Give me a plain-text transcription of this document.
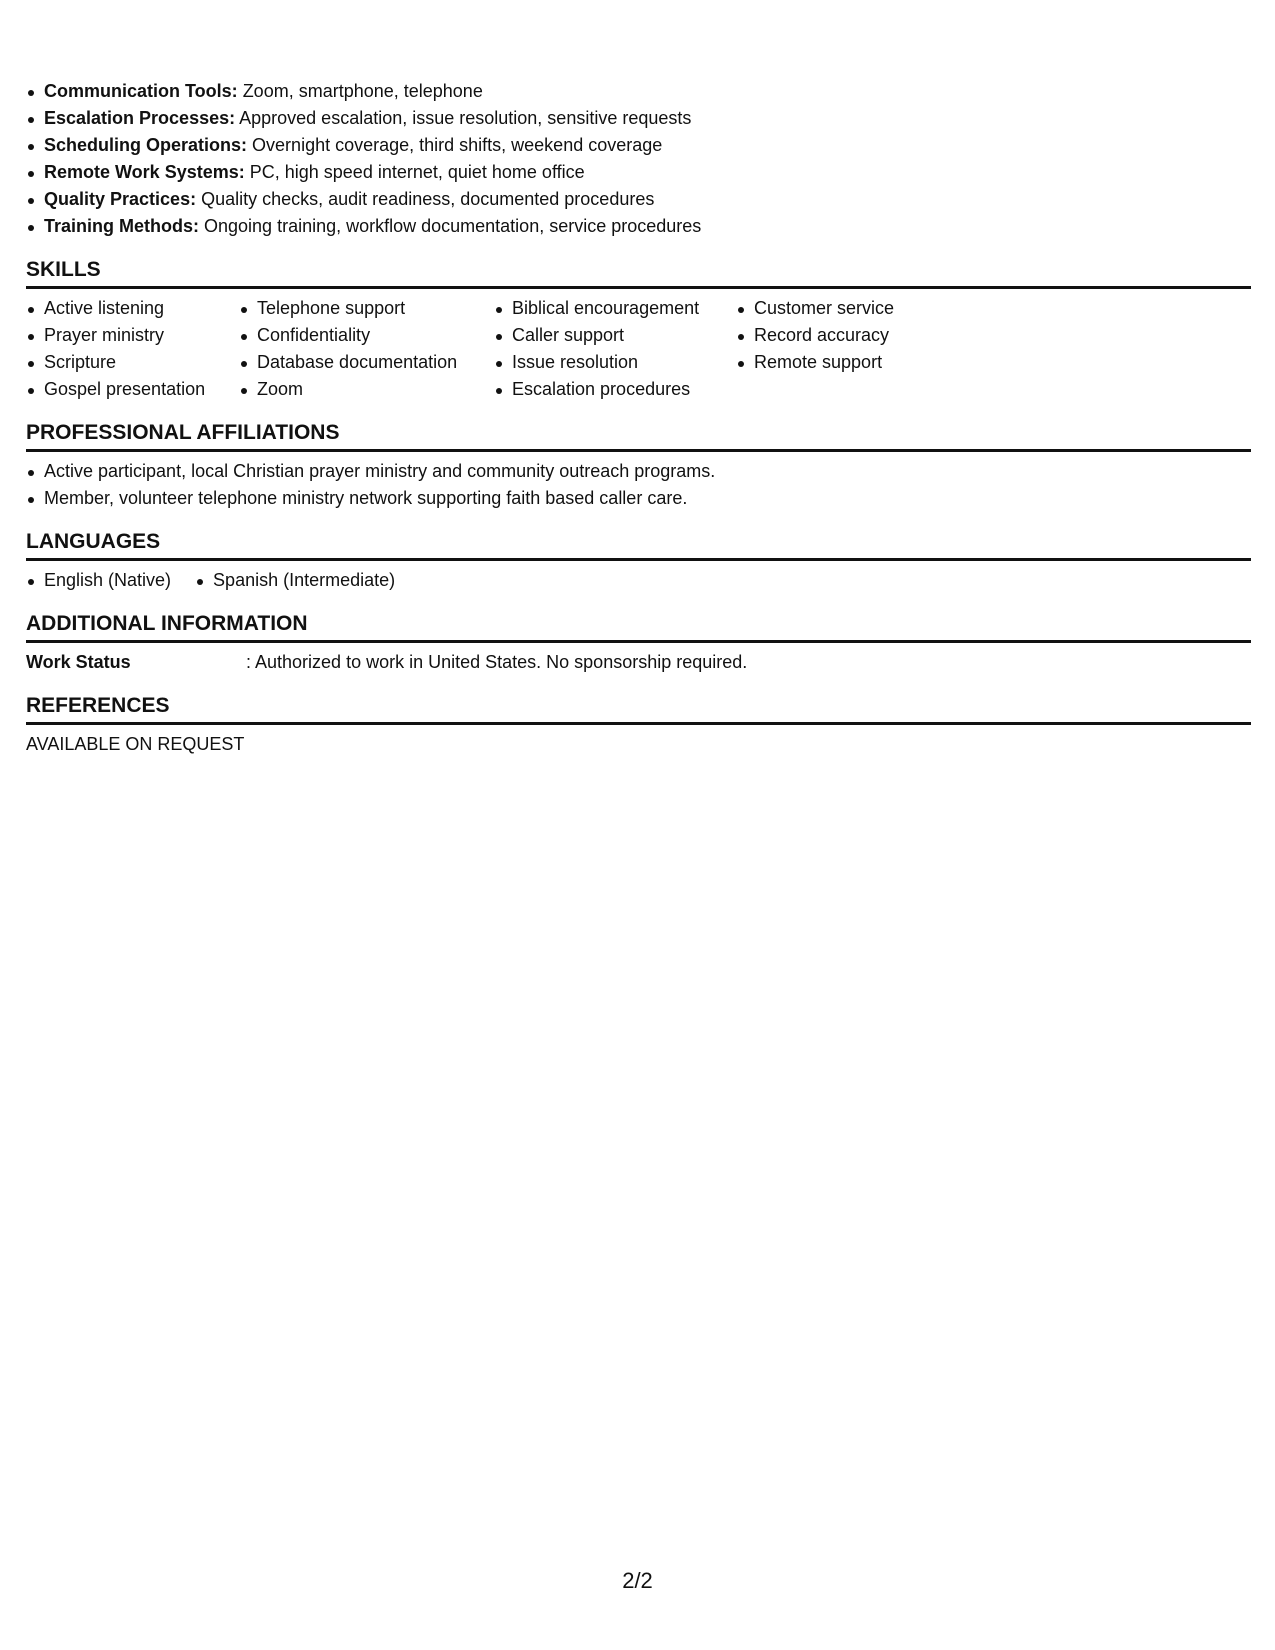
Communication Tools: Zoom, smartphone, telephone
Escalation Processes: Approved escalation, issue resolution, sensitive requests
Scheduling Operations: Overnight coverage, third shifts, weekend coverage
Remote Work Systems: PC, high speed internet, quiet home office
Quality Practices: Quality checks, audit readiness, documented procedures
Training Methods: Ongoing training, workflow documentation, service procedures
SKILLS
Active listening
Prayer ministry
Scripture
Gospel presentation
Telephone support
Confidentiality
Database documentation
Zoom
Biblical encouragement
Caller support
Issue resolution
Escalation procedures
Customer service
Record accuracy
Remote support
PROFESSIONAL AFFILIATIONS
Active participant, local Christian prayer ministry and community outreach programs.
Member, volunteer telephone ministry network supporting faith based caller care.
LANGUAGES
English (Native)	Spanish (Intermediate)
ADDITIONAL INFORMATION
Work Status	: Authorized to work in United States. No sponsorship required.
REFERENCES
AVAILABLE ON REQUEST
2/2
